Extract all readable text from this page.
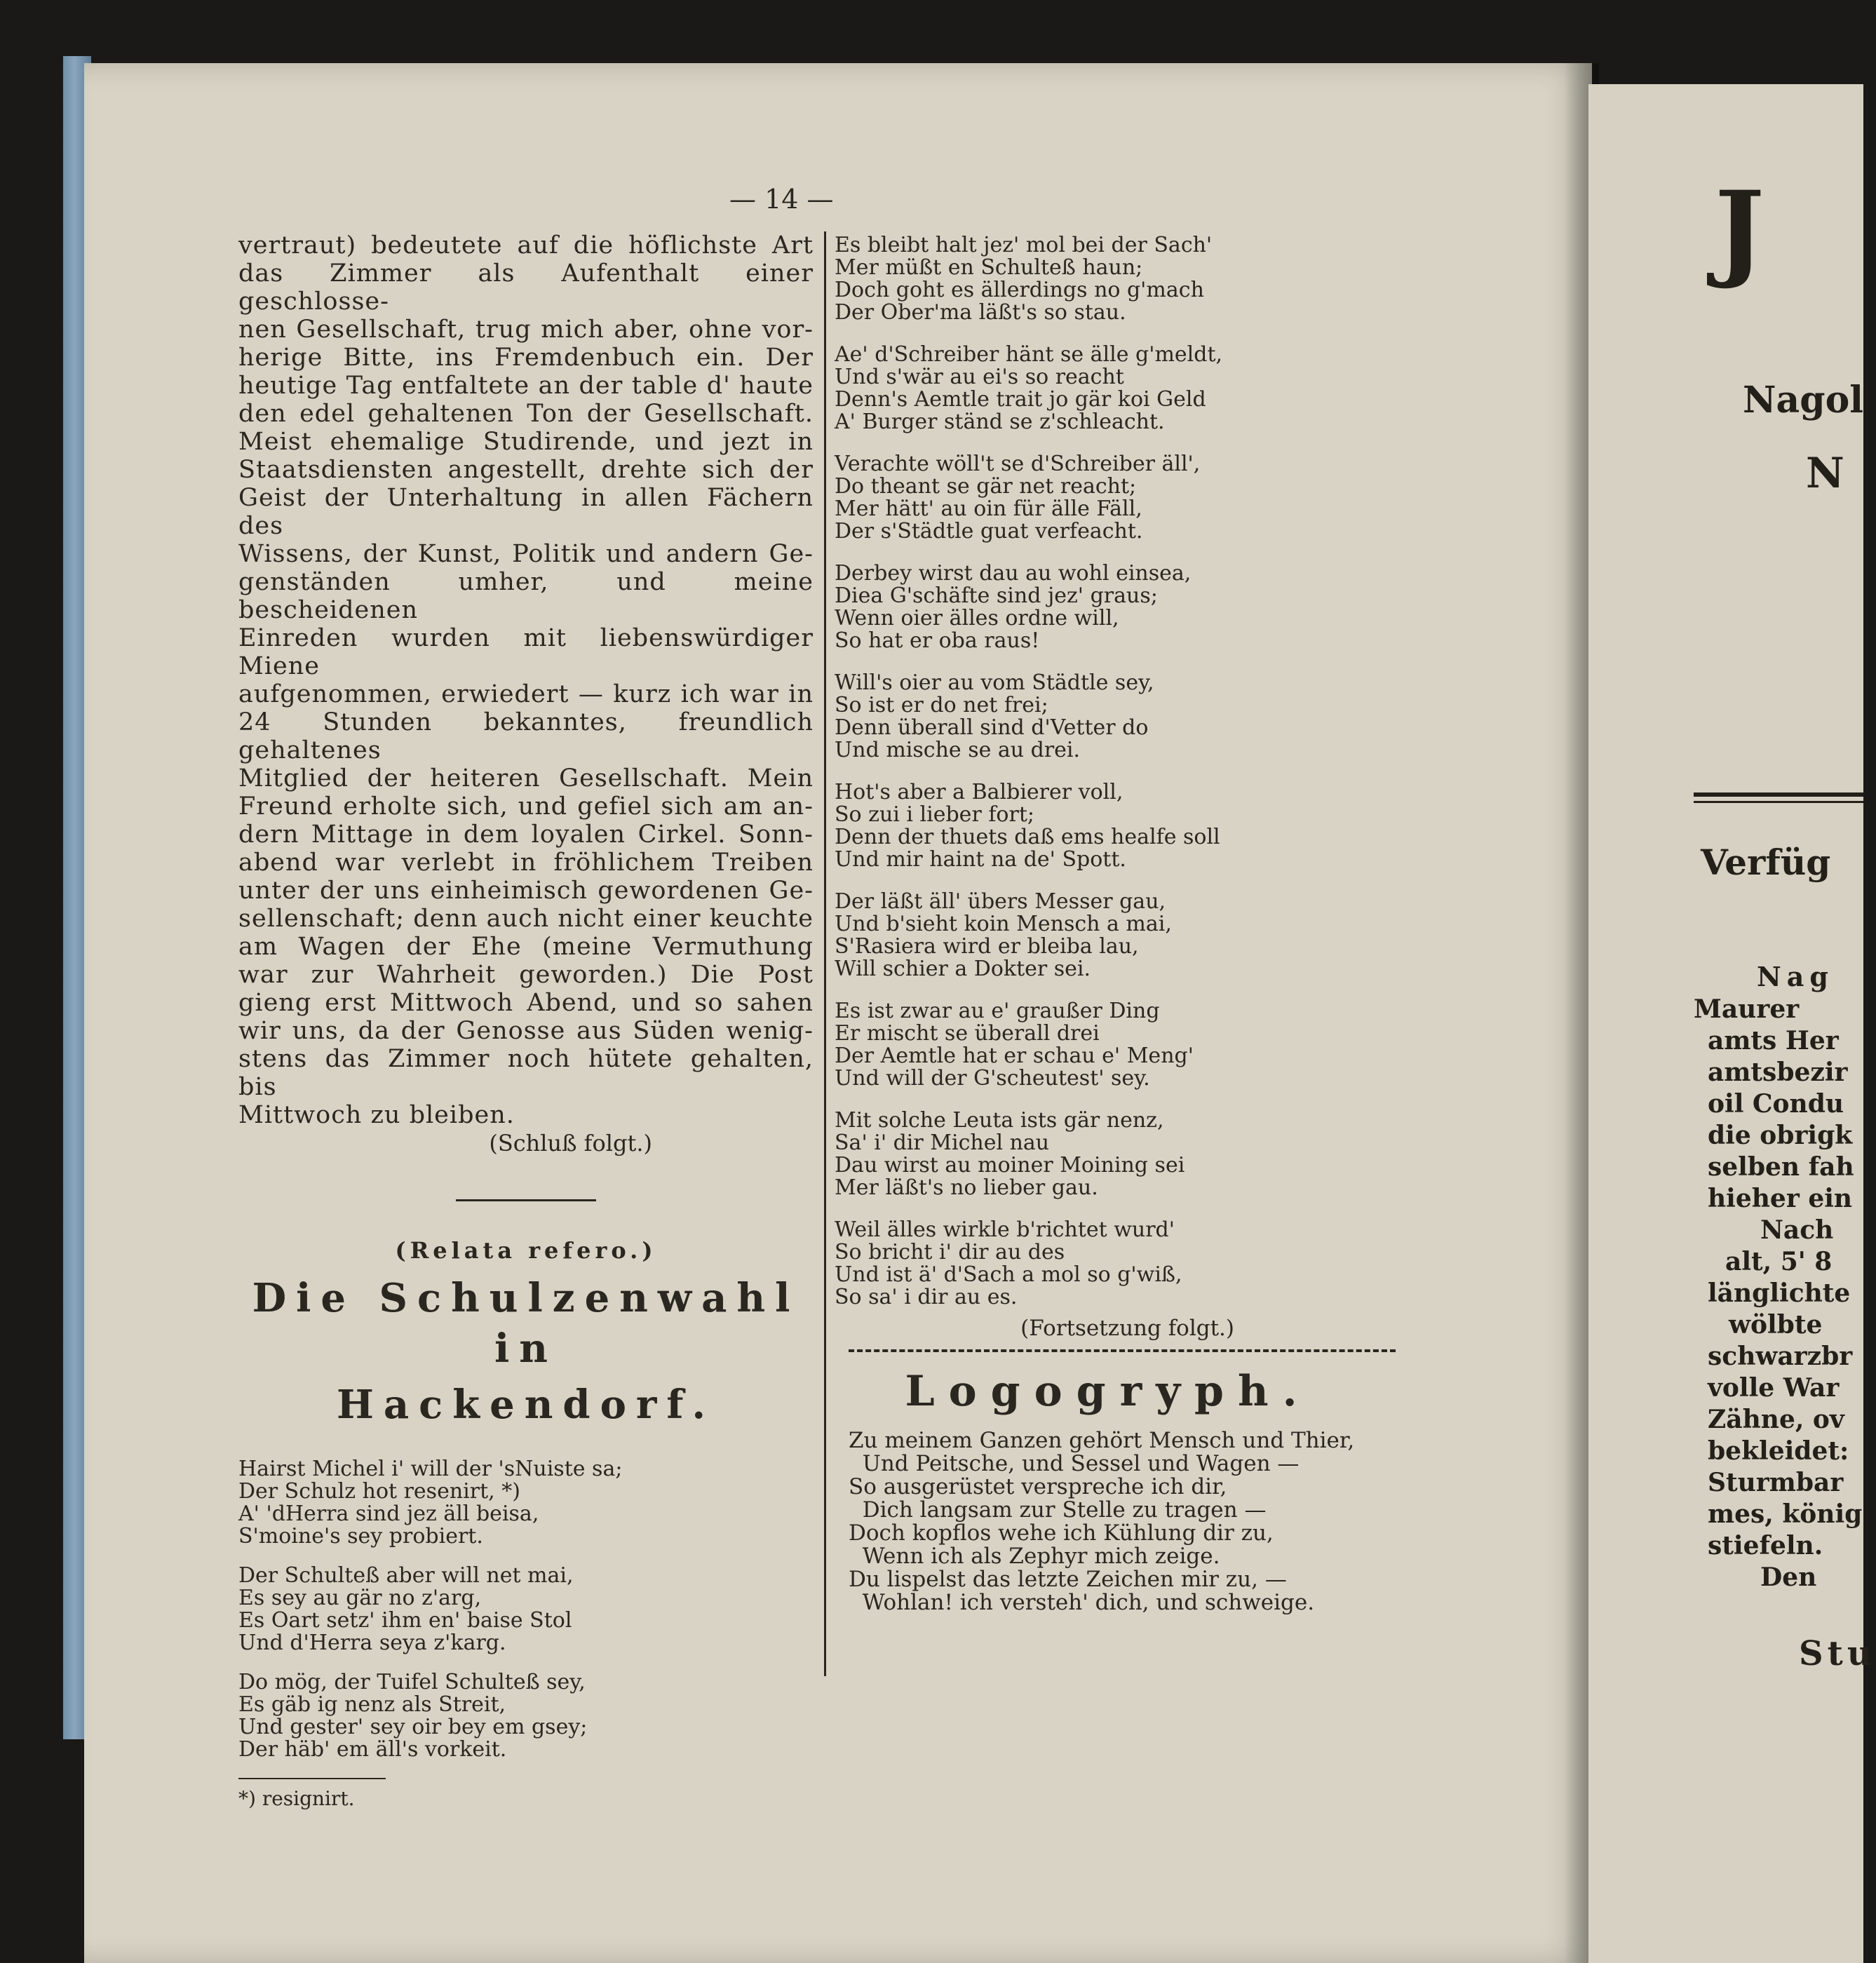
— 14 —
vertraut) bedeutete auf die höflichste Art
das Zimmer als Aufenthalt einer geschlosse-
nen Gesellschaft, trug mich aber, ohne vor-
herige Bitte, ins Fremdenbuch ein. Der
heutige Tag entfaltete an der table d' haute
den edel gehaltenen Ton der Gesellschaft.
Meist ehemalige Studirende, und jezt in
Staatsdiensten angestellt, drehte sich der
Geist der Unterhaltung in allen Fächern des
Wissens, der Kunst, Politik und andern Ge-
genständen umher, und meine bescheidenen
Einreden wurden mit liebenswürdiger Miene
aufgenommen, erwiedert — kurz ich war in
24 Stunden bekanntes, freundlich gehaltenes
Mitglied der heiteren Gesellschaft. Mein
Freund erholte sich, und gefiel sich am an-
dern Mittage in dem loyalen Cirkel. Sonn-
abend war verlebt in fröhlichem Treiben
unter der uns einheimisch gewordenen Ge-
sellenschaft; denn auch nicht einer keuchte
am Wagen der Ehe (meine Vermuthung
war zur Wahrheit geworden.) Die Post
gieng erst Mittwoch Abend, und so sahen
wir uns, da der Genosse aus Süden wenig-
stens das Zimmer noch hütete gehalten, bis
Mittwoch zu bleiben.
(Schluß folgt.)
(Relata refero.)
Die Schulzenwahl in
Hackendorf.
Hairst Michel i' will der 'sNuiste sa;
Der Schulz hot resenirt, *)
A' 'dHerra sind jez äll beisa,
S'moine's sey probiert.
Der Schulteß aber will net mai,
Es sey au gär no z'arg,
Es Oart setz' ihm en' baise Stol
Und d'Herra seya z'karg.
Do mög, der Tuifel Schulteß sey,
Es gäb ig nenz als Streit,
Und gester' sey oir bey em gsey;
Der häb' em äll's vorkeit.
*) resignirt.
Es bleibt halt jez' mol bei der Sach'
Mer müßt en Schulteß haun;
Doch goht es ällerdings no g'mach
Der Ober'ma läßt's so stau.
Ae' d'Schreiber hänt se älle g'meldt,
Und s'wär au ei's so reacht
Denn's Aemtle trait jo gär koi Geld
A' Burger ständ se z'schleacht.
Verachte wöll't se d'Schreiber äll',
Do theant se gär net reacht;
Mer hätt' au oin für älle Fäll,
Der s'Städtle guat verfeacht.
Derbey wirst dau au wohl einsea,
Diea G'schäfte sind jez' graus;
Wenn oier älles ordne will,
So hat er oba raus!
Will's oier au vom Städtle sey,
So ist er do net frei;
Denn überall sind d'Vetter do
Und mische se au drei.
Hot's aber a Balbierer voll,
So zui i lieber fort;
Denn der thuets daß ems healfe soll
Und mir haint na de' Spott.
Der läßt äll' übers Messer gau,
Und b'sieht koin Mensch a mai,
S'Rasiera wird er bleiba lau,
Will schier a Dokter sei.
Es ist zwar au e' graußer Ding
Er mischt se überall drei
Der Aemtle hat er schau e' Meng'
Und will der G'scheutest' sey.
Mit solche Leuta ists gär nenz,
Sa' i' dir Michel nau
Dau wirst au moiner Moining sei
Mer läßt's no lieber gau.
Weil älles wirkle b'richtet wurd'
So bricht i' dir au des
Und ist ä' d'Sach a mol so g'wiß,
So sa' i dir au es.
(Fortsetzung folgt.)
Logogryph.
Zu meinem Ganzen gehört Mensch und Thier,
Und Peitsche, und Sessel und Wagen —
So ausgerüstet verspreche ich dir,
Dich langsam zur Stelle zu tragen —
Doch kopflos wehe ich Kühlung dir zu,
Wenn ich als Zephyr mich zeige.
Du lispelst das letzte Zeichen mir zu, —
Wohlan! ich versteh' dich, und schweige.
J
Nagol
N
Verfüg
Nag
Maurer
amts Her
amtsbezir
oil Condu
die obrigk
selben fah
hieher ein
Nach
alt, 5' 8
länglichte
wölbte
schwarzbr
volle War
Zähne, ov
bekleidet:
Sturmbar
mes, könig
stiefeln.
Den
Stu
